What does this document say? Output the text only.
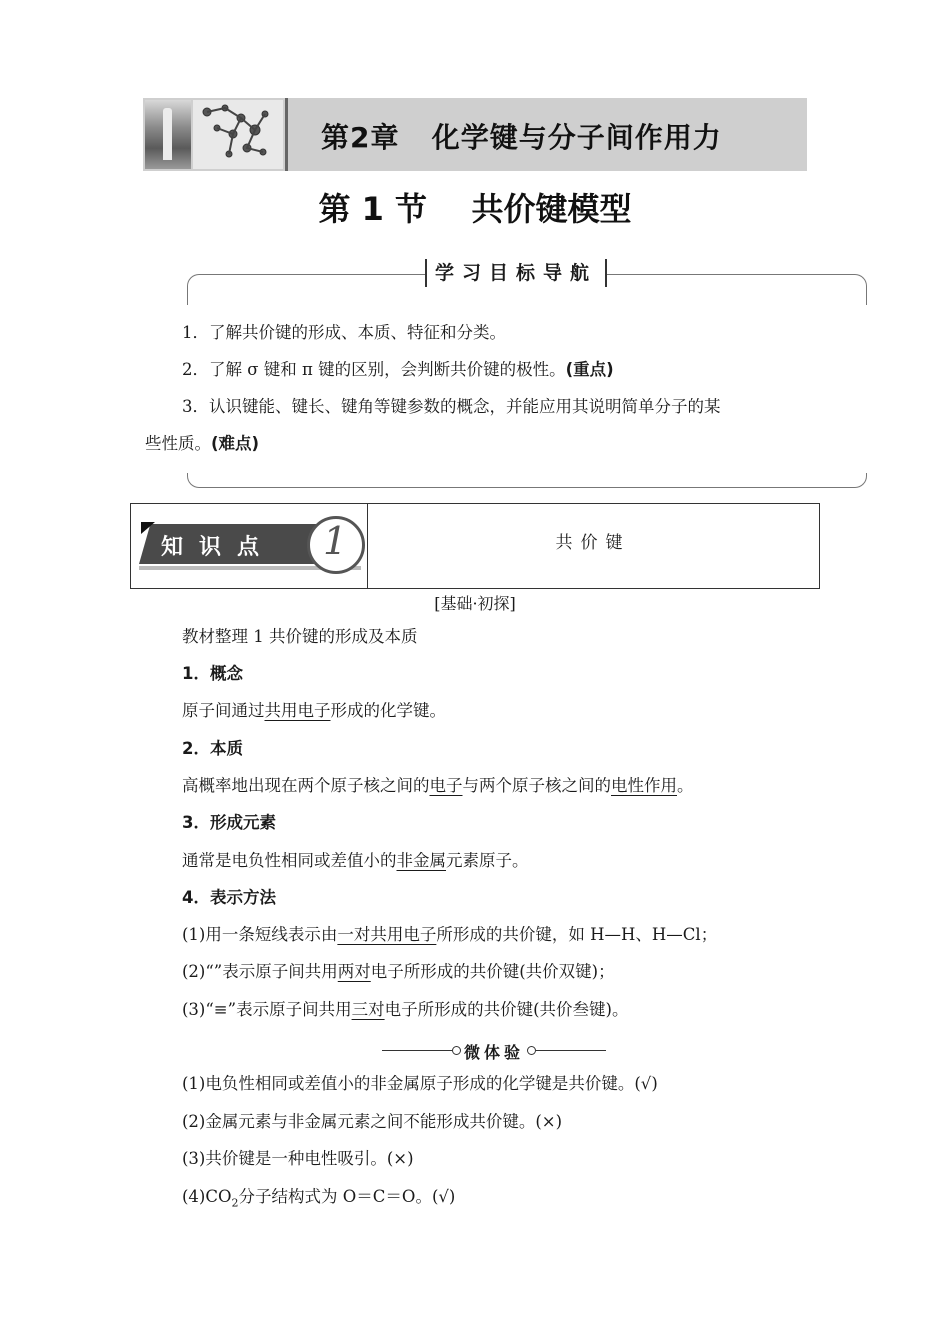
第2章   化学键与分子间作用力
第 1 节    共价键模型
学习目标导航
1．了解共价键的形成、本质、特征和分类。
2．了解 σ 键和 π 键的区别，会判断共价键的极性。(重点)
3．认识键能、键长、键角等键参数的概念，并能应用其说明简单分子的某
些性质。(难点)
知识点 1	共价键
[基础·初探]
教材整理 1 共价键的形成及本质
1．概念
原子间通过共用电子形成的化学键。
2．本质
高概率地出现在两个原子核之间的电子与两个原子核之间的电性作用。
3．形成元素
通常是电负性相同或差值小的非金属元素原子。
4．表示方法
(1)用一条短线表示由一对共用电子所形成的共价键，如 H—H、H—Cl；
(2)“”表示原子间共用两对电子所形成的共价键(共价双键)；
(3)“≡”表示原子间共用三对电子所形成的共价键(共价叁键)。
微体验
(1)电负性相同或差值小的非金属原子形成的化学键是共价键。(√)
(2)金属元素与非金属元素之间不能形成共价键。(×)
(3)共价键是一种电性吸引。(×)
$(4)CO_2$分子结构式为 O＝C＝O。(√)
